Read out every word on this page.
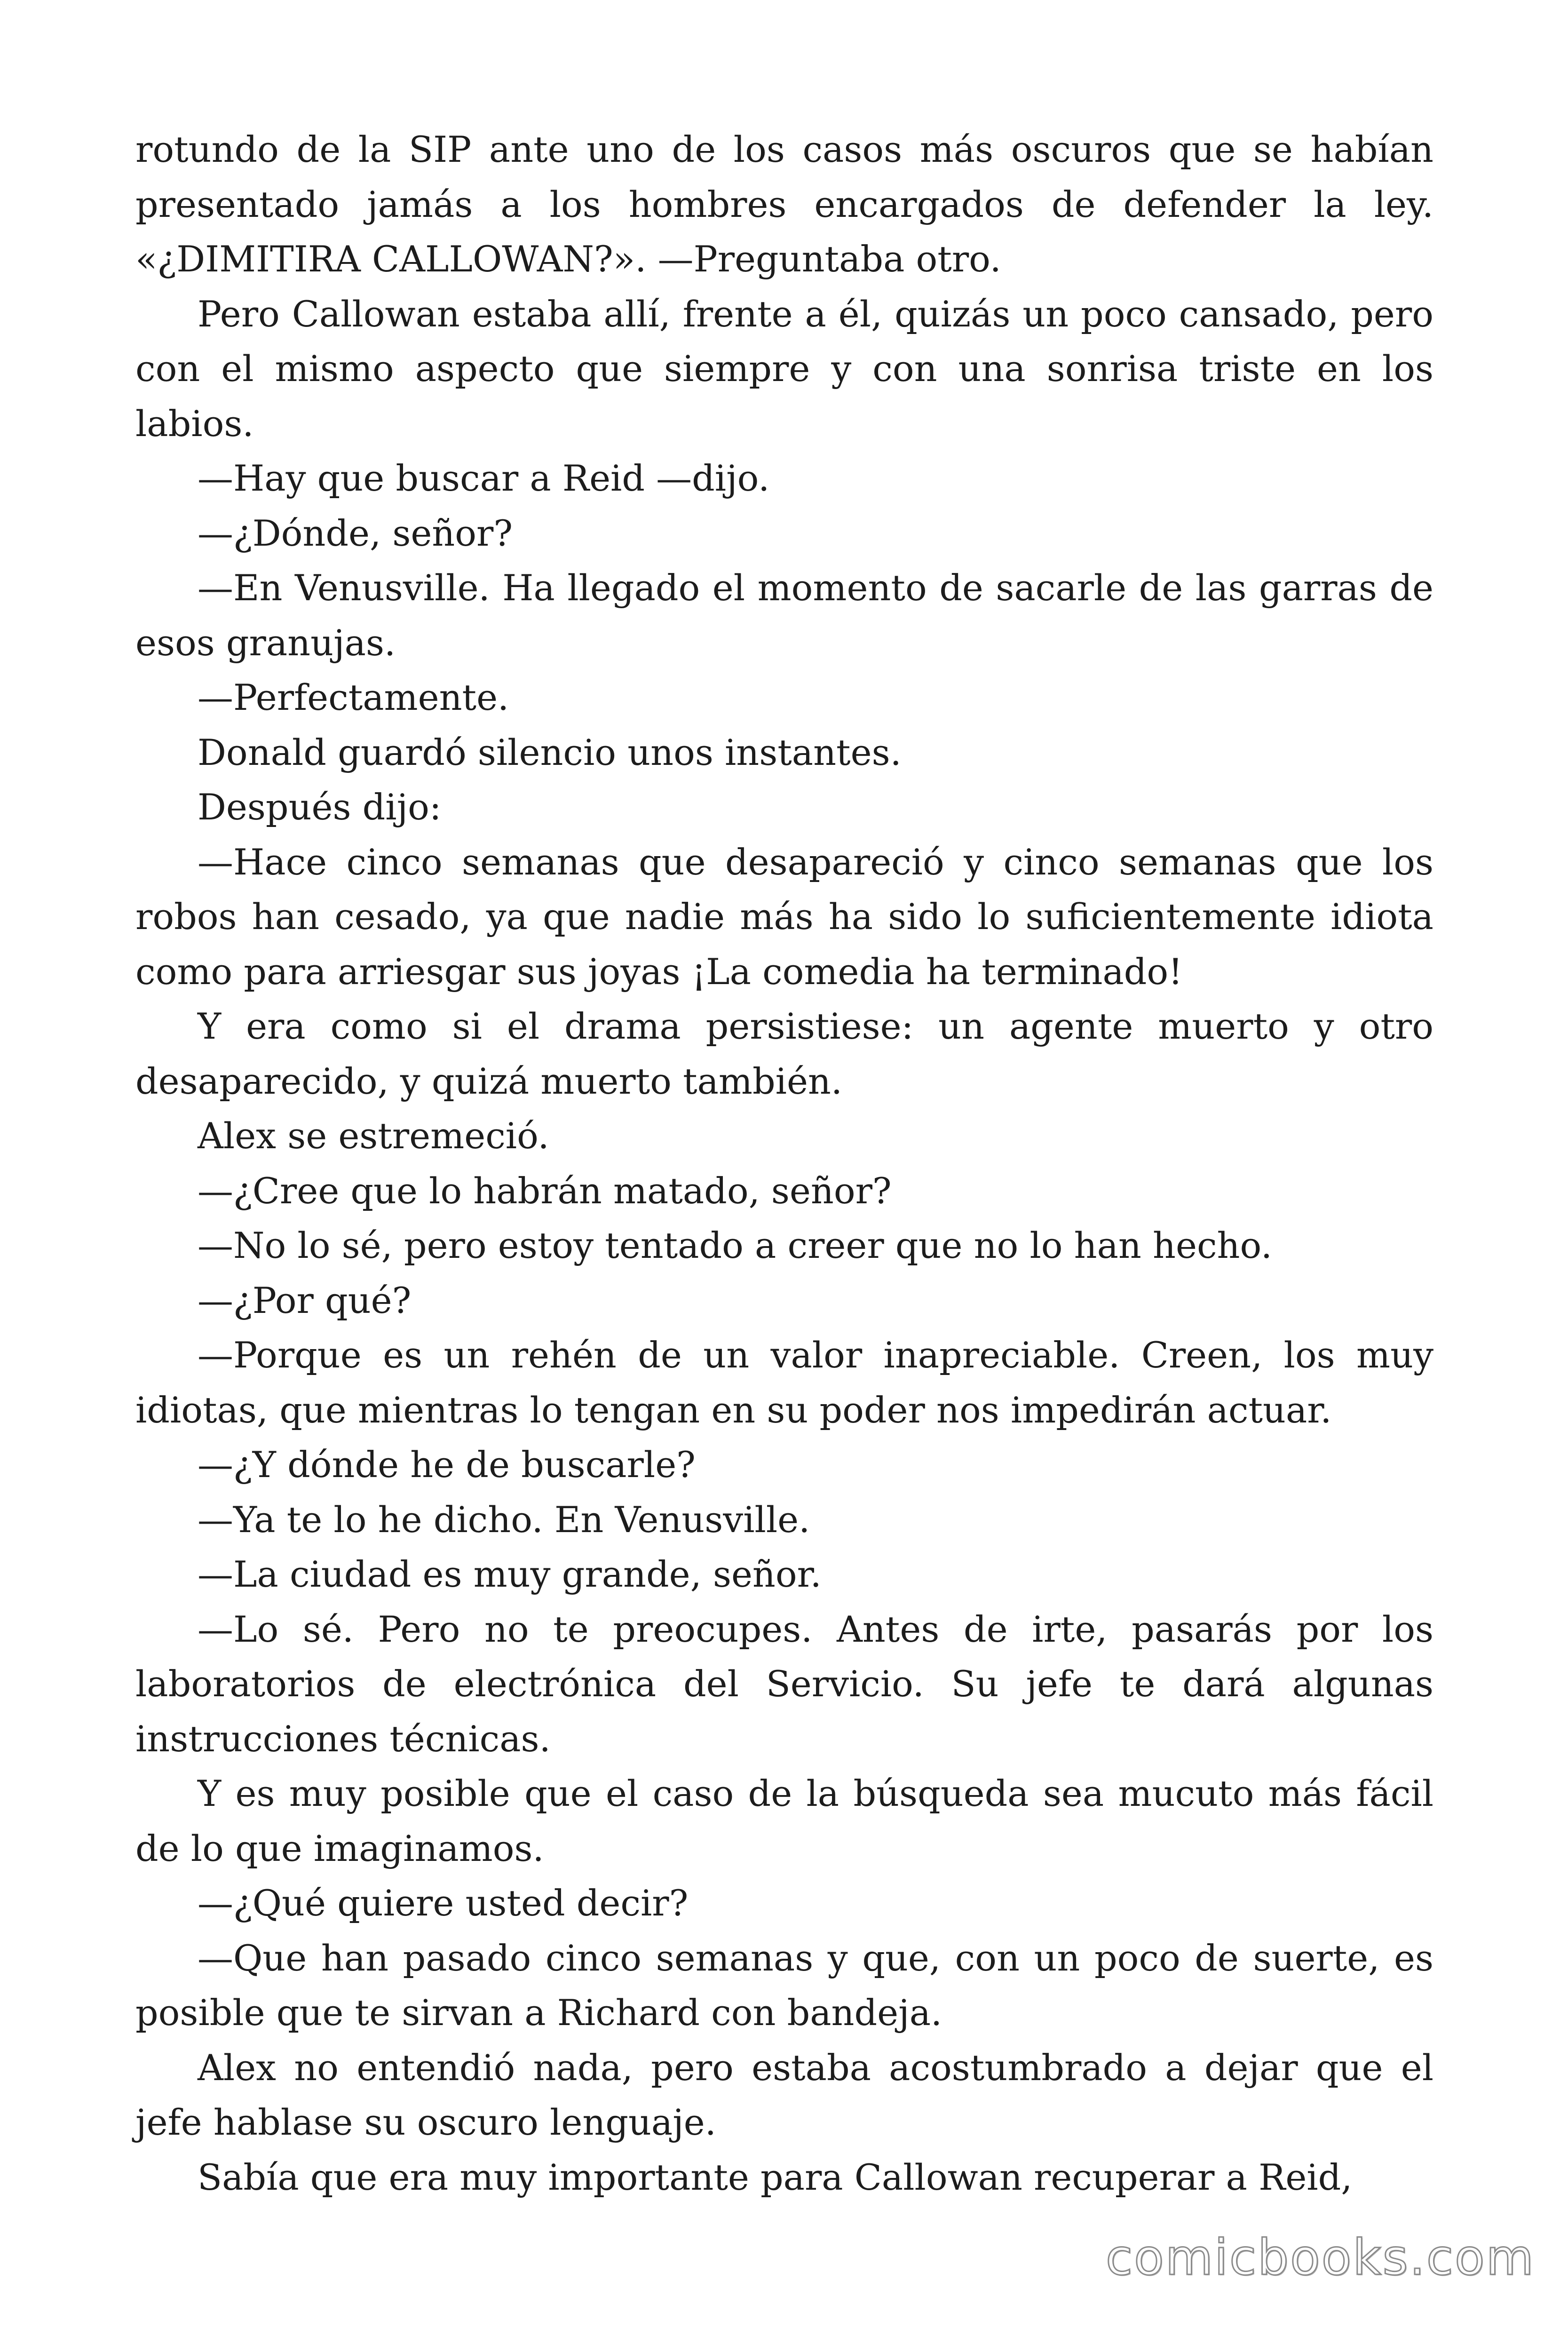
rotundo de la SIP ante uno de los casos más oscuros que se habían presentado jamás a los hombres encargados de defender la ley. «¿DIMITIRA CALLOWAN?». —Preguntaba otro.

Pero Callowan estaba allí, frente a él, quizás un poco cansado, pero con el mismo aspecto que siempre y con una sonrisa triste en los labios.

—Hay que buscar a Reid —dijo.

—¿Dónde, señor?

—En Venusville. Ha llegado el momento de sacarle de las garras de esos granujas.

—Perfectamente.

Donald guardó silencio unos instantes.

Después dijo:

—Hace cinco semanas que desapareció y cinco semanas que los robos han cesado, ya que nadie más ha sido lo suficientemente idiota como para arriesgar sus joyas ¡La comedia ha terminado!

Y era como si el drama persistiese: un agente muerto y otro desaparecido, y quizá muerto también.

Alex se estremeció.

—¿Cree que lo habrán matado, señor?

—No lo sé, pero estoy tentado a creer que no lo han hecho.

—¿Por qué?

—Porque es un rehén de un valor inapreciable. Creen, los muy idiotas, que mientras lo tengan en su poder nos impedirán actuar.

—¿Y dónde he de buscarle?

—Ya te lo he dicho. En Venusville.

—La ciudad es muy grande, señor.

—Lo sé. Pero no te preocupes. Antes de irte, pasarás por los laboratorios de electrónica del Servicio. Su jefe te dará algunas instrucciones técnicas.

Y es muy posible que el caso de la búsqueda sea mucuto más fácil de lo que imaginamos.

—¿Qué quiere usted decir?

—Que han pasado cinco semanas y que, con un poco de suerte, es posible que te sirvan a Richard con bandeja.

Alex no entendió nada, pero estaba acostumbrado a dejar que el jefe hablase su oscuro lenguaje.

Sabía que era muy importante para Callowan recuperar a Reid,

comicbooks.com
